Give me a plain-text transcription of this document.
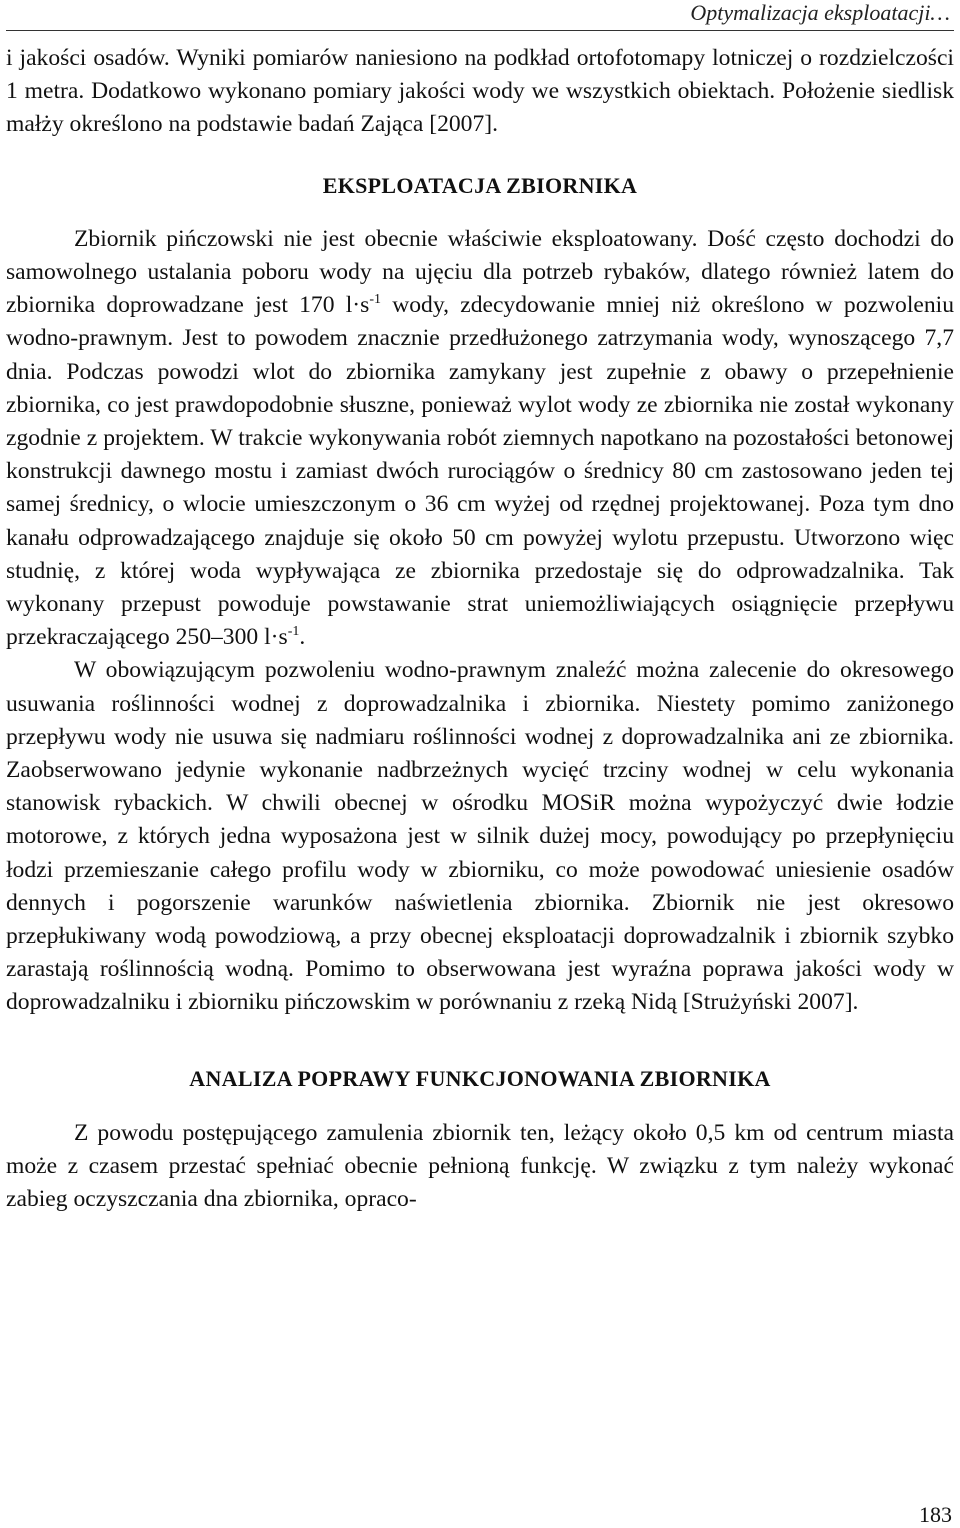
Optymalizacja eksploatacji…

i jakości osadów. Wyniki pomiarów naniesiono na podkład ortofotomapy lotniczej o rozdzielczości 1 metra. Dodatkowo wykonano pomiary jakości wody we wszystkich obiektach. Położenie siedlisk małży określono na podstawie badań Zająca [2007].

EKSPLOATACJA ZBIORNIKA

Zbiornik pińczowski nie jest obecnie właściwie eksploatowany. Dość często dochodzi do samowolnego ustalania poboru wody na ujęciu dla potrzeb rybaków, dlatego również latem do zbiornika doprowadzane jest 170 $l\cdot s^{-1}$ wody, zdecydowanie mniej niż określono w pozwoleniu wodno-prawnym. Jest to powodem znacznie przedłużonego zatrzymania wody, wynoszącego 7,7 dnia. Podczas powodzi wlot do zbiornika zamykany jest zupełnie z obawy o przepełnienie zbiornika, co jest prawdopodobnie słuszne, ponieważ wylot wody ze zbiornika nie został wykonany zgodnie z projektem. W trakcie wykonywania robót ziemnych napotkano na pozostałości betonowej konstrukcji dawnego mostu i zamiast dwóch rurociągów o średnicy 80 cm zastosowano jeden tej samej średnicy, o wlocie umieszczonym o 36 cm wyżej od rzędnej projektowanej. Poza tym dno kanału odprowadzającego znajduje się około 50 cm powyżej wylotu przepustu. Utworzono więc studnię, z której woda wypływająca ze zbiornika przedostaje się do odprowadzalnika. Tak wykonany przepust powoduje powstawanie strat uniemożliwiających osiągnięcie przepływu przekraczającego 250–300 $l\cdot s^{-1}$.

W obowiązującym pozwoleniu wodno-prawnym znaleźć można zalecenie do okresowego usuwania roślinności wodnej z doprowadzalnika i zbiornika. Niestety pomimo zaniżonego przepływu wody nie usuwa się nadmiaru roślinności wodnej z doprowadzalnika ani ze zbiornika. Zaobserwowano jedynie wykonanie nadbrzeżnych wycięć trzciny wodnej w celu wykonania stanowisk rybackich. W chwili obecnej w ośrodku MOSiR można wypożyczyć dwie łodzie motorowe, z których jedna wyposażona jest w silnik dużej mocy, powodujący po przepłynięciu łodzi przemieszanie całego profilu wody w zbiorniku, co może powodować uniesienie osadów dennych i pogorszenie warunków naświetlenia zbiornika. Zbiornik nie jest okresowo przepłukiwany wodą powodziową, a przy obecnej eksploatacji doprowadzalnik i zbiornik szybko zarastają roślinnością wodną. Pomimo to obserwowana jest wyraźna poprawa jakości wody w doprowadzalniku i zbiorniku pińczowskim w porównaniu z rzeką Nidą [Strużyński 2007].

ANALIZA POPRAWY FUNKCJONOWANIA ZBIORNIKA

Z powodu postępującego zamulenia zbiornik ten, leżący około 0,5 km od centrum miasta może z czasem przestać spełniać obecnie pełnioną funkcję. W związku z tym należy wykonać zabieg oczyszczania dna zbiornika, opraco-

183
